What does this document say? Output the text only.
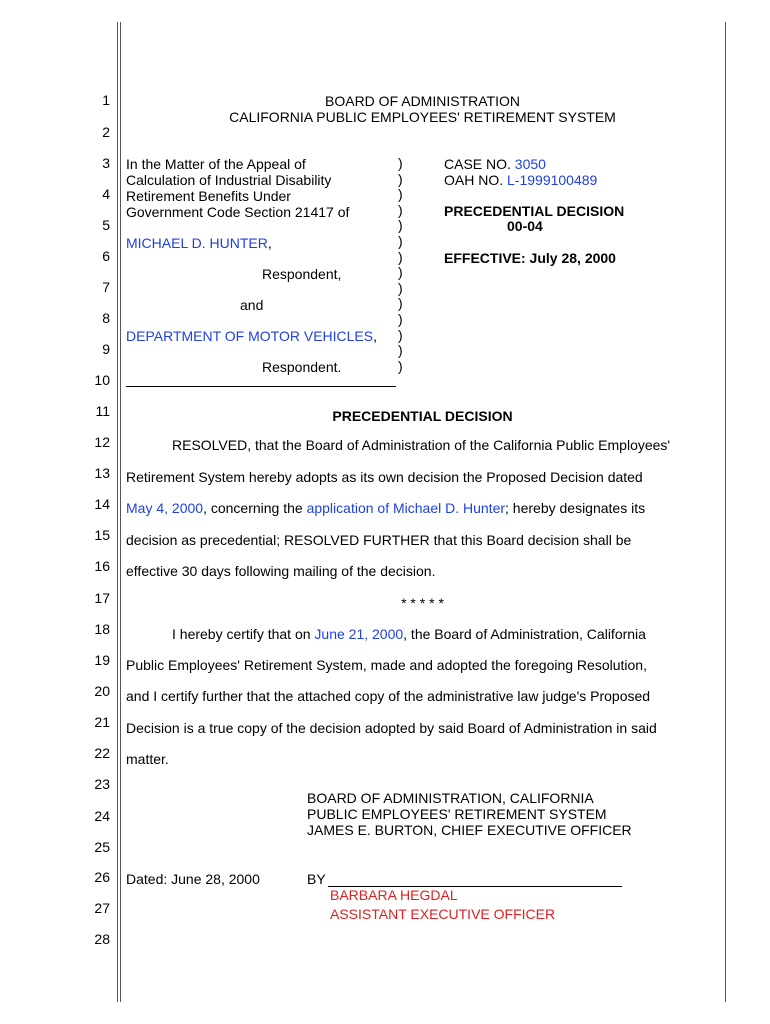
1
2
3
4
5
6
7
8
9
10
11
12
13
14
15
16
17
18
19
20
21
22
23
24
25
26
27
28
BOARD OF ADMINISTRATION
CALIFORNIA PUBLIC EMPLOYEES' RETIREMENT SYSTEM
In the Matter of the Appeal of
Calculation of Industrial Disability
Retirement Benefits Under
Government Code Section 21417 of
MICHAEL D. HUNTER,
Respondent,
and
DEPARTMENT OF MOTOR VEHICLES,
Respondent.
)
)
)
)
)
)
)
)
)
)
)
)
)
)
CASE NO. 3050
OAH NO. L-1999100489
PRECEDENTIAL DECISION
00-04
EFFECTIVE: July 28, 2000
PRECEDENTIAL DECISION
RESOLVED, that the Board of Administration of the California Public Employees'
Retirement System hereby adopts as its own decision the Proposed Decision dated
May 4, 2000, concerning the application of Michael D. Hunter; hereby designates its
decision as precedential; RESOLVED FURTHER that this Board decision shall be
effective 30 days following mailing of the decision.
* * * * *
I hereby certify that on June 21, 2000, the Board of Administration, California
Public Employees' Retirement System, made and adopted the foregoing Resolution,
and I certify further that the attached copy of the administrative law judge's Proposed
Decision is a true copy of the decision adopted by said Board of Administration in said
matter.
BOARD OF ADMINISTRATION, CALIFORNIA
PUBLIC EMPLOYEES' RETIREMENT SYSTEM
JAMES E. BURTON, CHIEF EXECUTIVE OFFICER
Dated: June 28, 2000	BY
BARBARA HEGDAL
ASSISTANT EXECUTIVE OFFICER
